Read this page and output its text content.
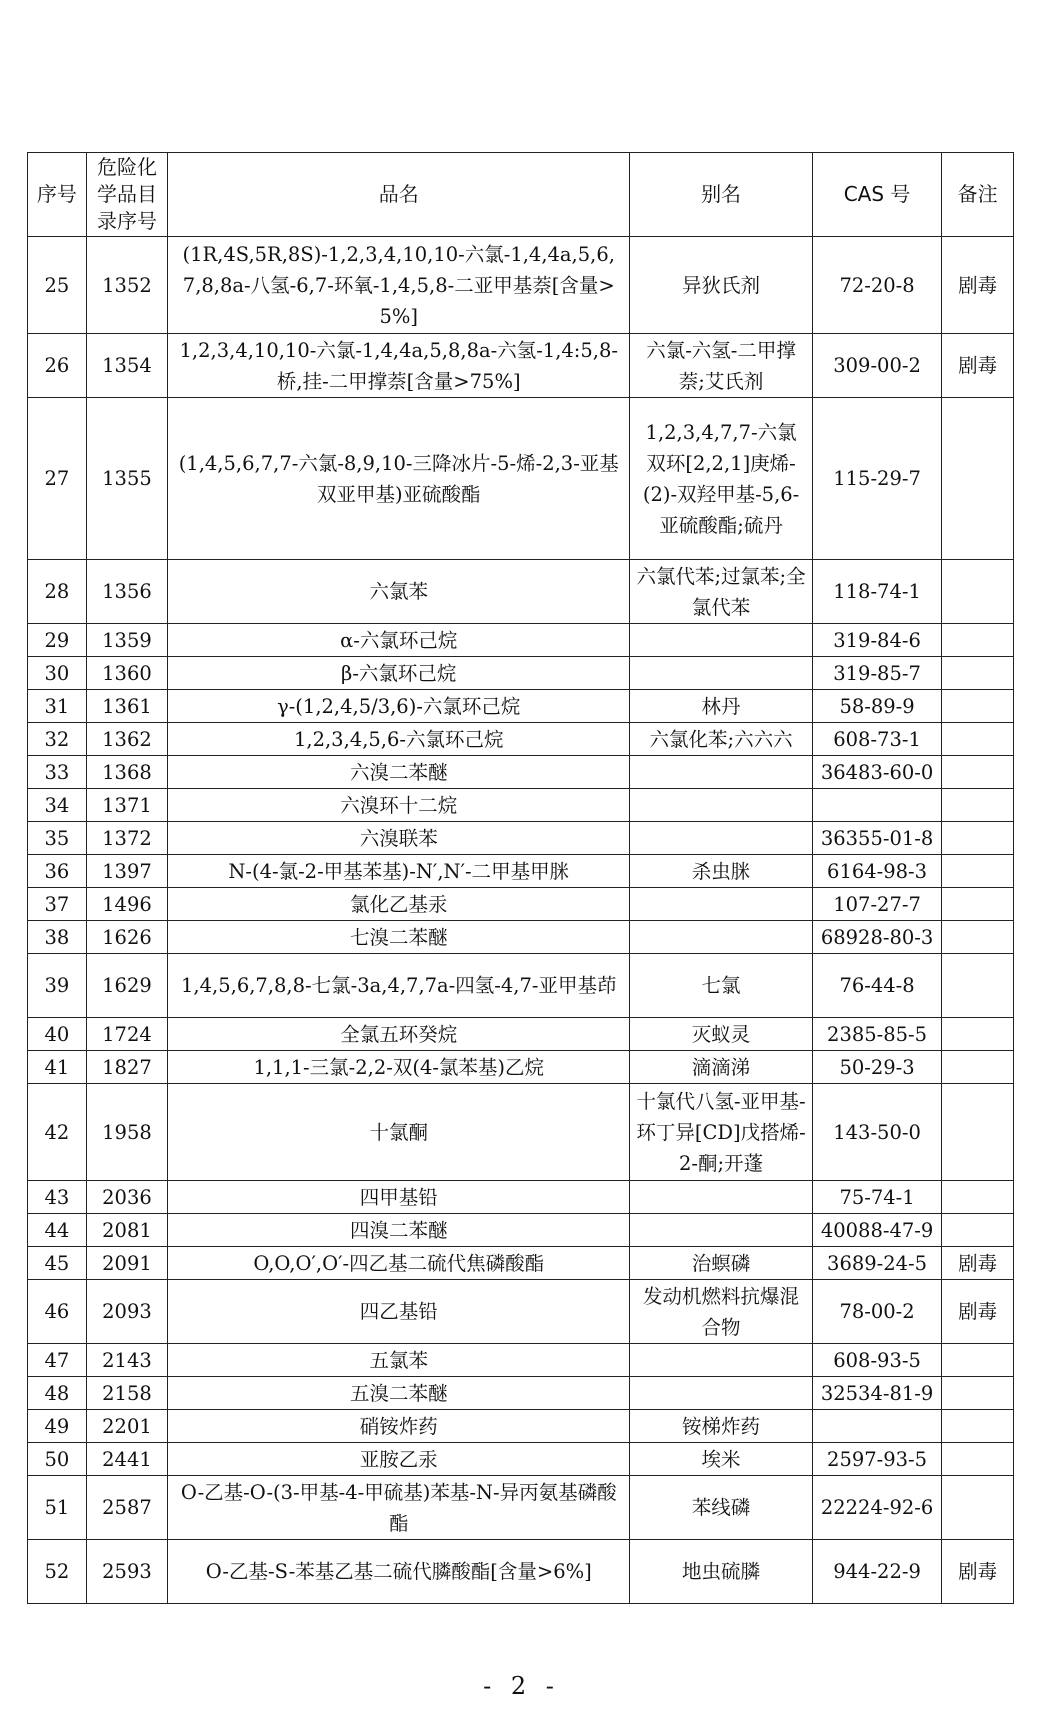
序号	危险化学品目录序号	品名	别名	CAS 号	备注
25	1352	(1R,4S,5R,8S)-1,2,3,4,10,10-六氯-1,4,4a,5,6,7,8,8a-八氢-6,7-环氧-1,4,5,8-二亚甲基萘[含量>5%]	异狄氏剂	72-20-8	剧毒
26	1354	1,2,3,4,10,10-六氯-1,4,4a,5,8,8a-六氢-1,4:5,8-桥,挂-二甲撑萘[含量>75%]	六氯-六氢-二甲撑萘;艾氏剂	309-00-2	剧毒
27	1355	(1,4,5,6,7,7-六氯-8,9,10-三降冰片-5-烯-2,3-亚基双亚甲基)亚硫酸酯	1,2,3,4,7,7-六氯双环[2,2,1]庚烯-(2)-双羟甲基-5,6-亚硫酸酯;硫丹	115-29-7	
28	1356	六氯苯	六氯代苯;过氯苯;全氯代苯	118-74-1	
29	1359	α-六氯环己烷		319-84-6	
30	1360	β-六氯环己烷		319-85-7	
31	1361	γ-(1,2,4,5/3,6)-六氯环己烷	林丹	58-89-9	
32	1362	1,2,3,4,5,6-六氯环己烷	六氯化苯;六六六	608-73-1	
33	1368	六溴二苯醚		36483-60-0	
34	1371	六溴环十二烷			
35	1372	六溴联苯		36355-01-8	
36	1397	N-(4-氯-2-甲基苯基)-N′,N′-二甲基甲脒	杀虫脒	6164-98-3	
37	1496	氯化乙基汞		107-27-7	
38	1626	七溴二苯醚		68928-80-3	
39	1629	1,4,5,6,7,8,8-七氯-3a,4,7,7a-四氢-4,7-亚甲基茚	七氯	76-44-8	
40	1724	全氯五环癸烷	灭蚁灵	2385-85-5	
41	1827	1,1,1-三氯-2,2-双(4-氯苯基)乙烷	滴滴涕	50-29-3	
42	1958	十氯酮	十氯代八氢-亚甲基-环丁异[CD]戊搭烯-2-酮;开蓬	143-50-0	
43	2036	四甲基铅		75-74-1	
44	2081	四溴二苯醚		40088-47-9	
45	2091	O,O,O′,O′-四乙基二硫代焦磷酸酯	治螟磷	3689-24-5	剧毒
46	2093	四乙基铅	发动机燃料抗爆混合物	78-00-2	剧毒
47	2143	五氯苯		608-93-5	
48	2158	五溴二苯醚		32534-81-9	
49	2201	硝铵炸药	铵梯炸药		
50	2441	亚胺乙汞	埃米	2597-93-5	
51	2587	O-乙基-O-(3-甲基-4-甲硫基)苯基-N-异丙氨基磷酸酯	苯线磷	22224-92-6	
52	2593	O-乙基-S-苯基乙基二硫代膦酸酯[含量>6%]	地虫硫膦	944-22-9	剧毒
- 2 -
